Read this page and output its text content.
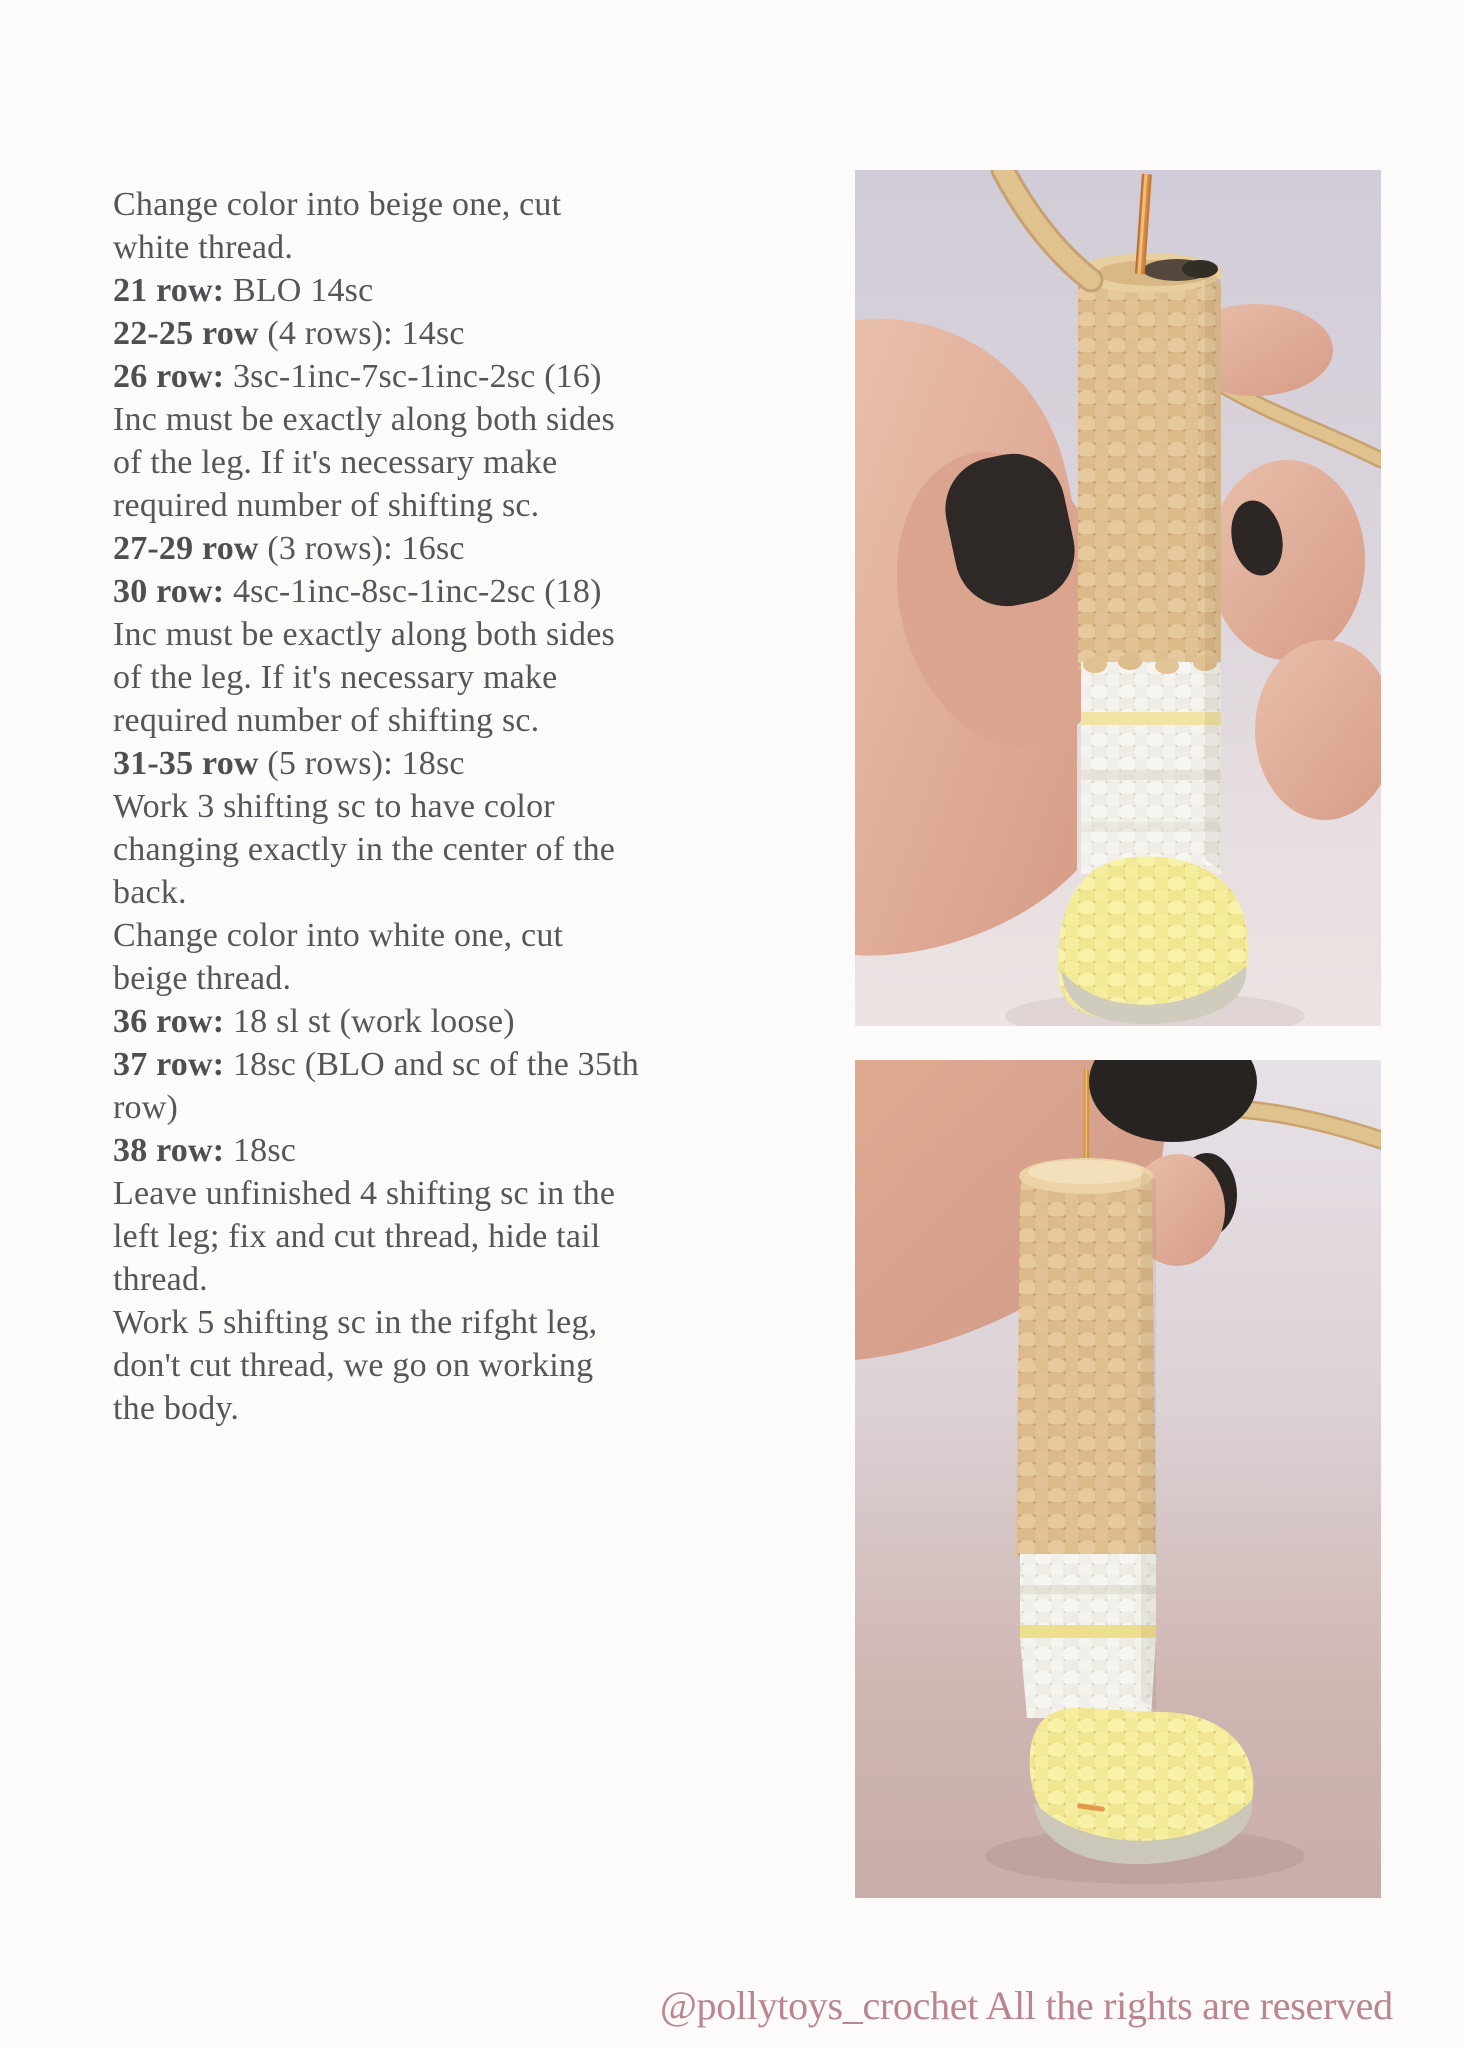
Change color into beige one, cut
white thread.
21 row: BLO 14sc
22-25 row (4 rows): 14sc
26 row: 3sc-1inc-7sc-1inc-2sc (16)
Inc must be exactly along both sides
of the leg. If it's necessary make
required number of shifting sc.
27-29 row (3 rows): 16sc
30 row: 4sc-1inc-8sc-1inc-2sc (18)
Inc must be exactly along both sides
of the leg. If it's necessary make
required number of shifting sc.
31-35 row (5 rows): 18sc
Work 3 shifting sc to have color
changing exactly in the center of the
back.
Change color into white one, cut
beige thread.
36 row: 18 sl st (work loose)
37 row: 18sc (BLO and sc of the 35th
row)
38 row: 18sc
Leave unfinished 4 shifting sc in the
left leg; fix and cut thread, hide tail
thread.
Work 5 shifting sc in the rifght leg,
don't cut thread, we go on working
the body.
@pollytoys_crochet All the rights are reserved
